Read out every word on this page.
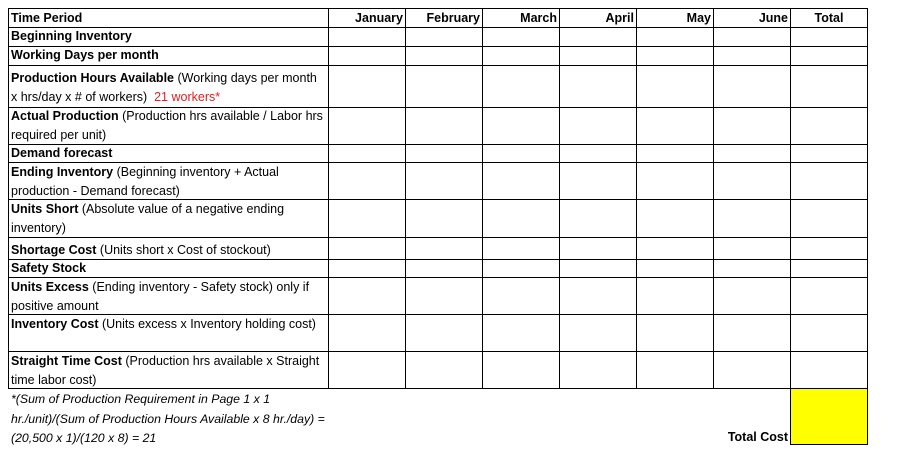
Time Period	January	February	March	April	May	June	Total
Beginning Inventory
Working Days per month
Production Hours Available (Working days per month x hrs/day x # of workers) 21 workers*
Actual Production (Production hrs available / Labor hrs required per unit)
Demand forecast
Ending Inventory (Beginning inventory + Actual production - Demand forecast)
Units Short (Absolute value of a negative ending inventory)
Shortage Cost (Units short x Cost of stockout)
Safety Stock
Units Excess (Ending inventory - Safety stock) only if positive amount
Inventory Cost (Units excess x Inventory holding cost)
Straight Time Cost (Production hrs available x Straight time labor cost)
*(Sum of Production Requirement in Page 1 x 1 hr./unit)/(Sum of Production Hours Available x 8 hr./day) = (20,500 x 1)/(120 x 8) = 21	Total Cost
